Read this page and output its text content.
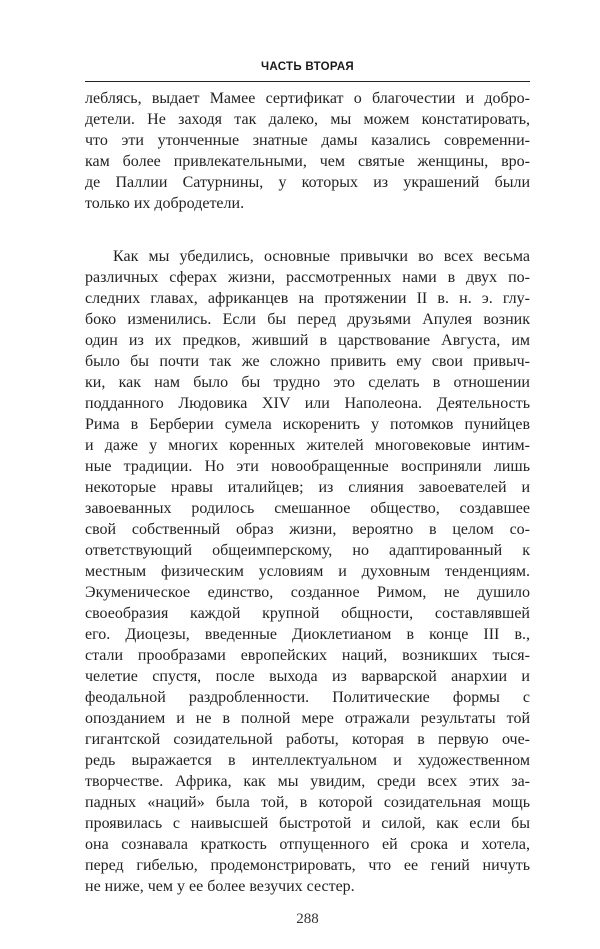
ЧАСТЬ ВТОРАЯ
леблясь, выдает Мамее сертификат о благочестии и добро-
детели. Не заходя так далеко, мы можем констатировать,
что эти утонченные знатные дамы казались современни-
кам более привлекательными, чем святые женщины, вро-
де Паллии Сатурнины, у которых из украшений были
только их добродетели.
Как мы убедились, основные привычки во всех весьма
различных сферах жизни, рассмотренных нами в двух по-
следних главах, африканцев на протяжении II в. н. э. глу-
боко изменились. Если бы перед друзьями Апулея возник
один из их предков, живший в царствование Августа, им
было бы почти так же сложно привить ему свои привыч-
ки, как нам было бы трудно это сделать в отношении
подданного Людовика XIV или Наполеона. Деятельность
Рима в Берберии сумела искоренить у потомков пунийцев
и даже у многих коренных жителей многовековые интим-
ные традиции. Но эти новообращенные восприняли лишь
некоторые нравы италийцев; из слияния завоевателей и
завоеванных родилось смешанное общество, создавшее
свой собственный образ жизни, вероятно в целом со-
ответствующий общеимперскому, но адаптированный к
местным физическим условиям и духовным тенденциям.
Экуменическое единство, созданное Римом, не душило
своеобразия каждой крупной общности, составлявшей
его. Диоцезы, введенные Диоклетианом в конце III в.,
стали прообразами европейских наций, возникших тыся-
челетие спустя, после выхода из варварской анархии и
феодальной раздробленности. Политические формы с
опозданием и не в полной мере отражали результаты той
гигантской созидательной работы, которая в первую оче-
редь выражается в интеллектуальном и художественном
творчестве. Африка, как мы увидим, среди всех этих за-
падных «наций» была той, в которой созидательная мощь
проявилась с наивысшей быстротой и силой, как если бы
она сознавала краткость отпущенного ей срока и хотела,
перед гибелью, продемонстрировать, что ее гений ничуть
не ниже, чем у ее более везучих сестер.
288
